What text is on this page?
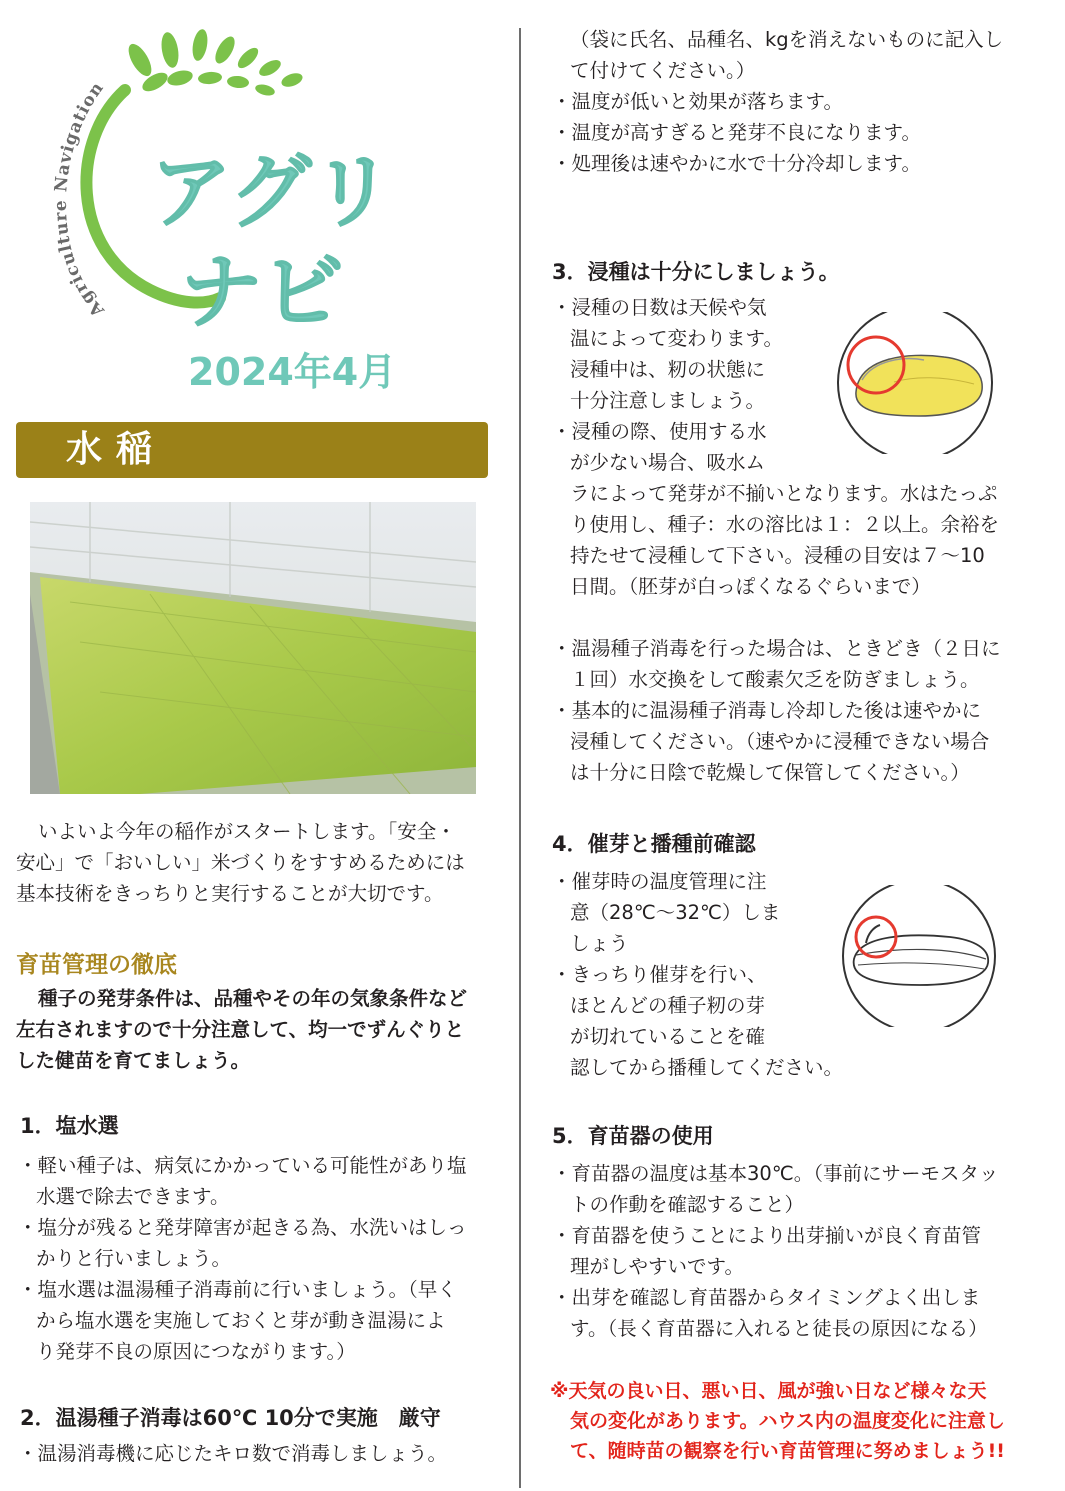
Agriculture Navigation
アグリ
ナビ
2024年4月
水稲
いよいよ今年の稲作がスタートします。「安全・
安心」で「おいしい」米づくりをすすめるためには
基本技術をきっちりと実行することが大切です。
育苗管理の徹底
種子の発芽条件は、品種やその年の気象条件など
左右されますので十分注意して、均一でずんぐりと
した健苗を育てましょう。
1．塩水選
・軽い種子は、病気にかかっている可能性があり塩
水選で除去できます。
・塩分が残ると発芽障害が起きる為、水洗いはしっ
かりと行いましょう。
・塩水選は温湯種子消毒前に行いましょう。（早く
から塩水選を実施しておくと芽が動き温湯によ
り発芽不良の原因につながります。）
2．温湯種子消毒は60℃ 10分で実施　厳守
・温湯消毒機に応じたキロ数で消毒しましょう。
（袋に氏名、品種名、kgを消えないものに記入し
て付けてください。）
・温度が低いと効果が落ちます。
・温度が高すぎると発芽不良になります。
・処理後は速やかに水で十分冷却します。
3．浸種は十分にしましょう。
・浸種の日数は天候や気
温によって変わります。
浸種中は、籾の状態に
十分注意しましょう。
・浸種の際、使用する水
が少ない場合、吸水ム
ラによって発芽が不揃いとなります。水はたっぷ
り使用し、種子：水の溶比は１：２以上。余裕を
持たせて浸種して下さい。浸種の目安は７～10
日間。（胚芽が白っぽくなるぐらいまで）
・温湯種子消毒を行った場合は、ときどき（２日に
１回）水交換をして酸素欠乏を防ぎましょう。
・基本的に温湯種子消毒し冷却した後は速やかに
浸種してください。（速やかに浸種できない場合
は十分に日陰で乾燥して保管してください。）
4．催芽と播種前確認
・催芽時の温度管理に注
意（28℃～32℃）しま
しょう
・きっちり催芽を行い、
ほとんどの種子籾の芽
が切れていることを確
認してから播種してください。
5．育苗器の使用
・育苗器の温度は基本30℃。（事前にサーモスタッ
トの作動を確認すること）
・育苗器を使うことにより出芽揃いが良く育苗管
理がしやすいです。
・出芽を確認し育苗器からタイミングよく出しま
す。（長く育苗器に入れると徒長の原因になる）
※天気の良い日、悪い日、風が強い日など様々な天
気の変化があります。ハウス内の温度変化に注意し
て、随時苗の観察を行い育苗管理に努めましょう!!
